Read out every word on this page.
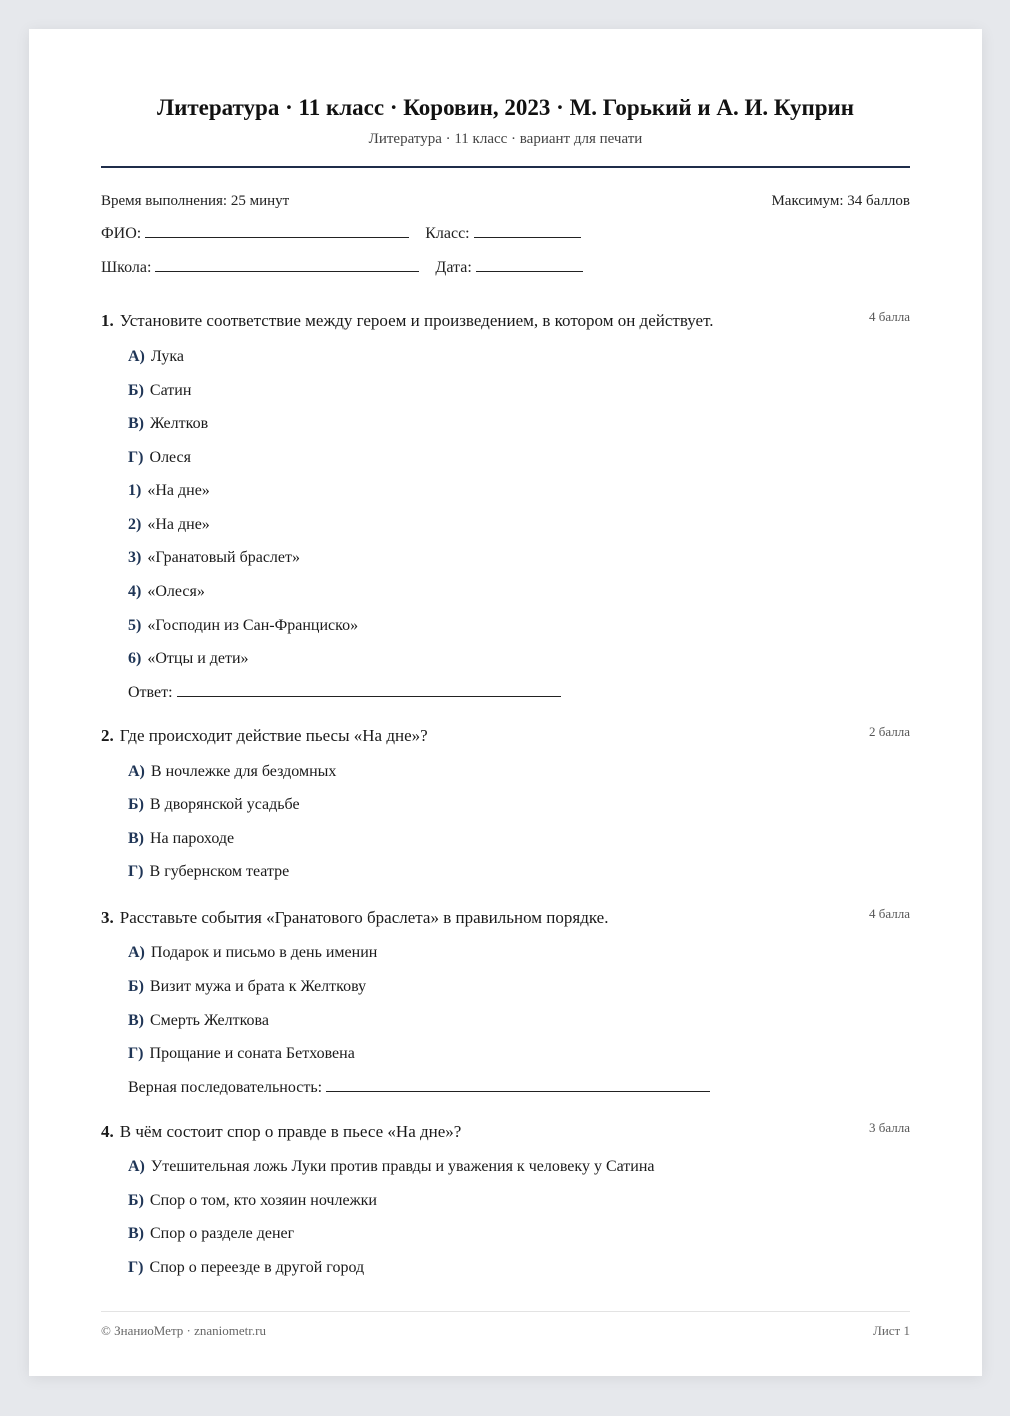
Литература · 11 класс · Коровин, 2023 · М. Горький и А. И. Куприн
Литература · 11 класс · вариант для печати
Время выполнения: 25 минут	Максимум: 34 баллов
ФИО:	Класс:
Школа:	Дата:
1. Установите соответствие между героем и произведением, в котором он действует.	4 балла
А) Лука
Б) Сатин
В) Желтков
Г) Олеся
1) «На дне»
2) «На дне»
3) «Гранатовый браслет»
4) «Олеся»
5) «Господин из Сан-Франциско»
6) «Отцы и дети»
Ответ:
2. Где происходит действие пьесы «На дне»?	2 балла
А) В ночлежке для бездомных
Б) В дворянской усадьбе
В) На пароходе
Г) В губернском театре
3. Расставьте события «Гранатового браслета» в правильном порядке.	4 балла
А) Подарок и письмо в день именин
Б) Визит мужа и брата к Желткову
В) Смерть Желткова
Г) Прощание и соната Бетховена
Верная последовательность:
4. В чём состоит спор о правде в пьесе «На дне»?	3 балла
А) Утешительная ложь Луки против правды и уважения к человеку у Сатина
Б) Спор о том, кто хозяин ночлежки
В) Спор о разделе денег
Г) Спор о переезде в другой город
© ЗнаниоМетр · znaniometr.ru	Лист 1
